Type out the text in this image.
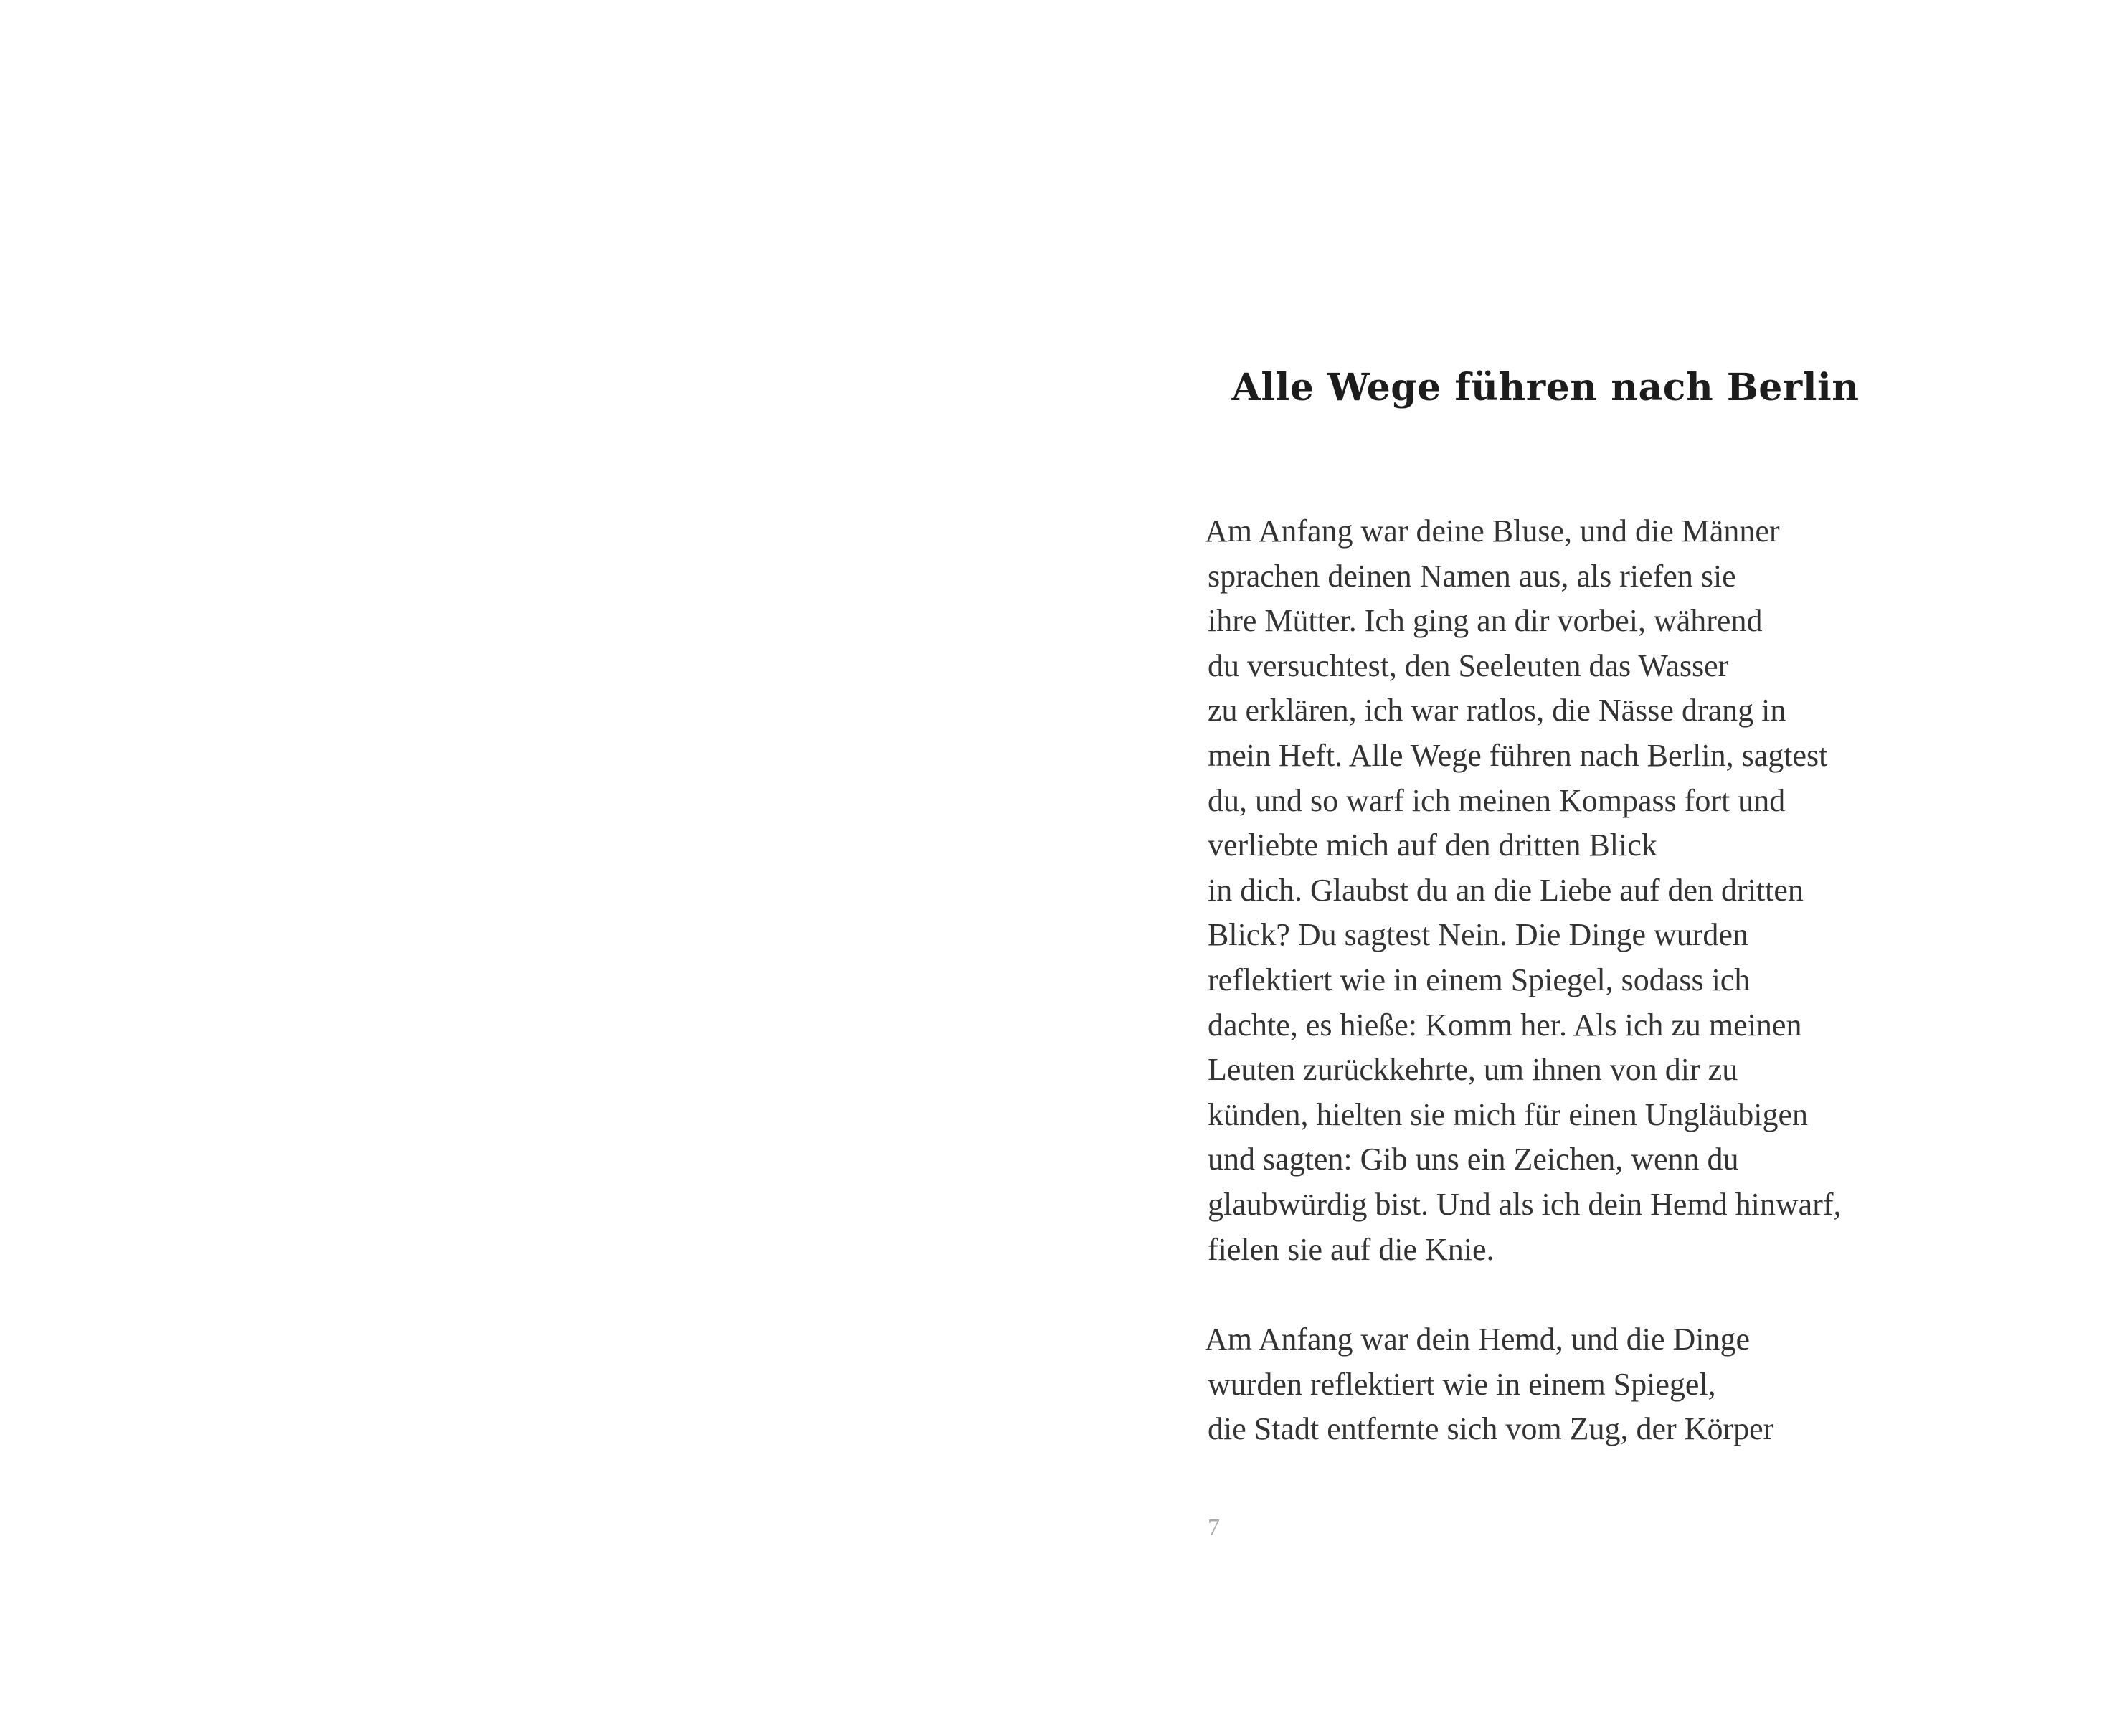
Alle Wege führen nach Berlin
Am Anfang war deine Bluse, und die Männer
sprachen deinen Namen aus, als riefen sie
ihre Mütter. Ich ging an dir vorbei, während
du versuchtest, den Seeleuten das Wasser
zu erklären, ich war ratlos, die Nässe drang in
mein Heft. Alle Wege führen nach Berlin, sagtest
du, und so warf ich meinen Kompass fort und
verliebte mich auf den dritten Blick
in dich. Glaubst du an die Liebe auf den dritten
Blick? Du sagtest Nein. Die Dinge wurden
reflektiert wie in einem Spiegel, sodass ich
dachte, es hieße: Komm her. Als ich zu meinen
Leuten zurückkehrte, um ihnen von dir zu
künden, hielten sie mich für einen Ungläubigen
und sagten: Gib uns ein Zeichen, wenn du
glaubwürdig bist. Und als ich dein Hemd hinwarf,
fielen sie auf die Knie.
Am Anfang war dein Hemd, und die Dinge
wurden reflektiert wie in einem Spiegel,
die Stadt entfernte sich vom Zug, der Körper
7
